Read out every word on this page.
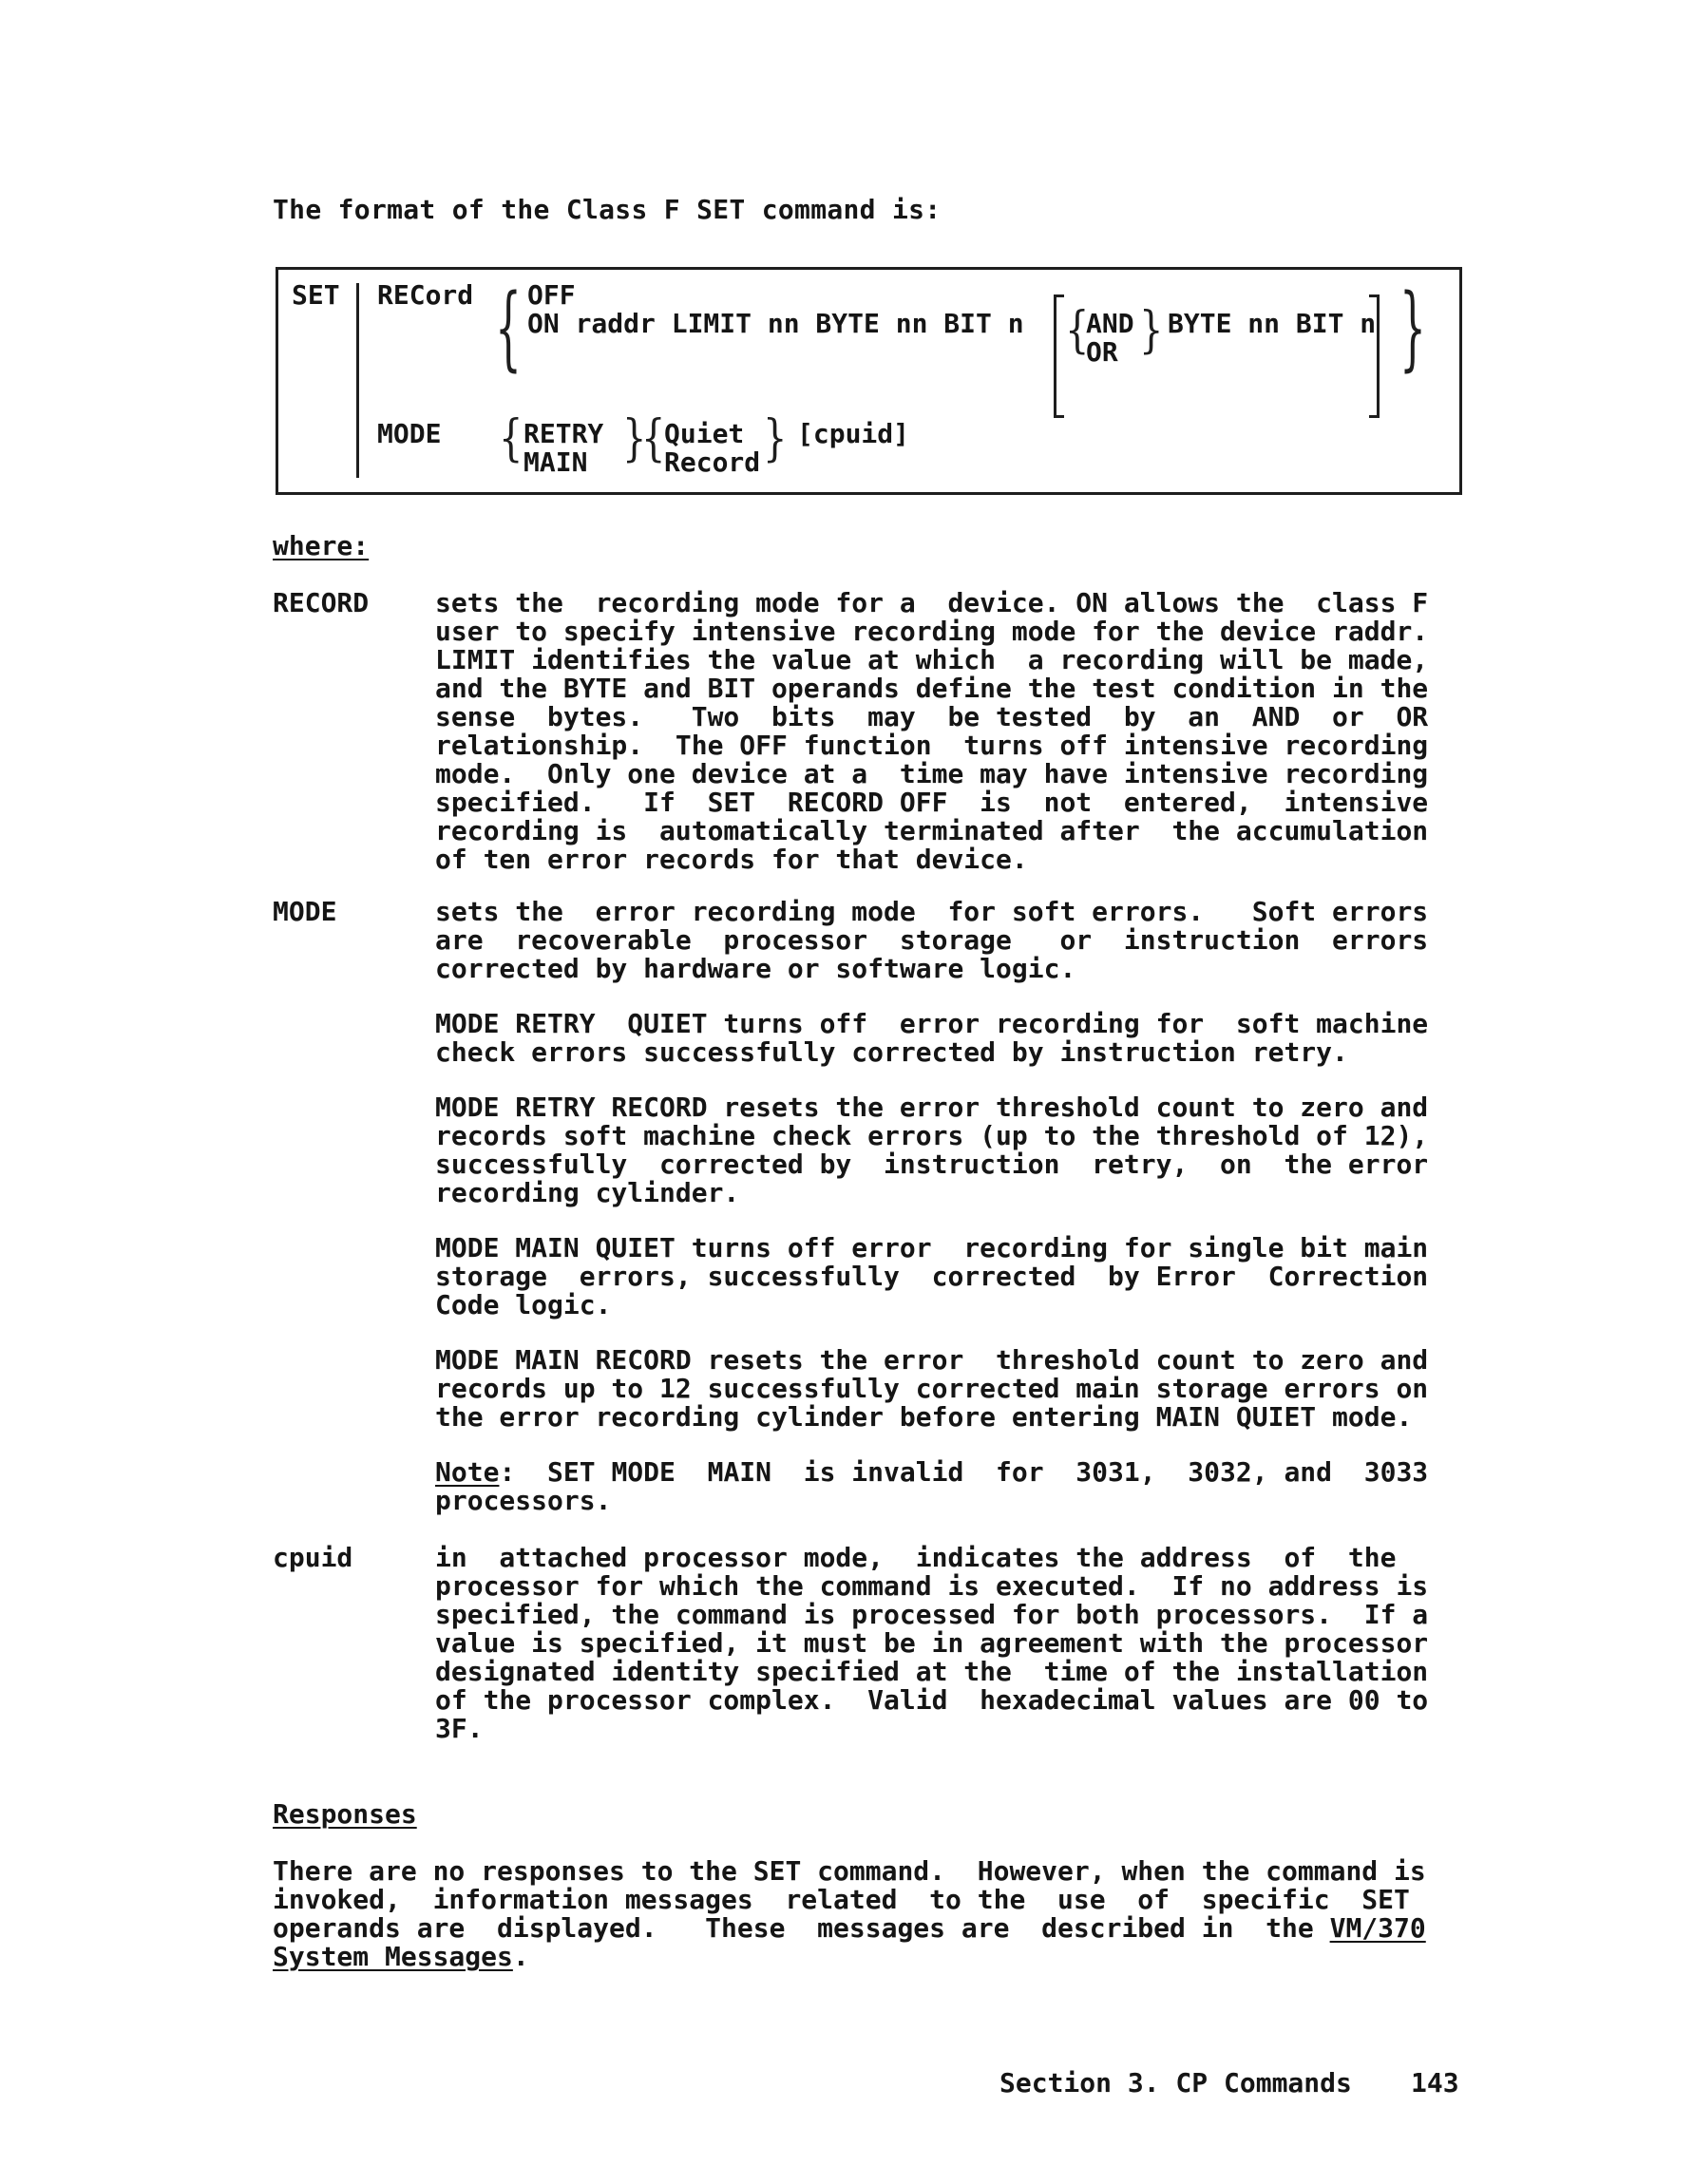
The format of the Class F SET command is:
SET RECord { OFF
ON raddr LIMIT nn BYTE nn BIT n {
AND
OR } BYTE nn BIT n }
MODE { RETRY
MAIN }
{
Quiet
Record } [cpuid]
where:
RECORD sets the  recording mode for a  device. ON allows the  class F
user to specify intensive recording mode for the device raddr.
LIMIT identifies the value at which  a recording will be made,
and the BYTE and BIT operands define the test condition in the
sense  bytes.   Two  bits  may  be tested  by  an  AND  or  OR
relationship.  The OFF function  turns off intensive recording
mode.  Only one device at a  time may have intensive recording
specified.   If  SET  RECORD OFF  is  not  entered,  intensive
recording is  automatically terminated after  the accumulation
of ten error records for that device.
MODE	sets the  error recording mode  for soft errors.   Soft errors
are  recoverable  processor  storage   or  instruction  errors
corrected by hardware or software logic.
MODE RETRY  QUIET turns off  error recording for  soft machine
check errors successfully corrected by instruction retry.
MODE RETRY RECORD resets the error threshold count to zero and
records soft machine check errors (up to the threshold of 12),
successfully  corrected by  instruction  retry,  on  the error
recording cylinder.
MODE MAIN QUIET turns off error  recording for single bit main
storage  errors, successfully  corrected  by Error  Correction
Code logic.
MODE MAIN RECORD resets the error  threshold count to zero and
records up to 12 successfully corrected main storage errors on
the error recording cylinder before entering MAIN QUIET mode.
Note:  SET MODE  MAIN  is invalid  for  3031,  3032, and  3033
processors.
cpuid	in  attached processor mode,  indicates the address  of  the
processor for which the command is executed.  If no address is
specified, the command is processed for both processors.  If a
value is specified, it must be in agreement with the processor
designated identity specified at the  time of the installation
of the processor complex.  Valid  hexadecimal values are 00 to
3F.
Responses
There are no responses to the SET command.  However, when the command is
invoked,  information messages  related  to the  use  of  specific  SET
operands are  displayed.   These  messages are  described in  the VM/370
System Messages.
Section 3. CP Commands 143
